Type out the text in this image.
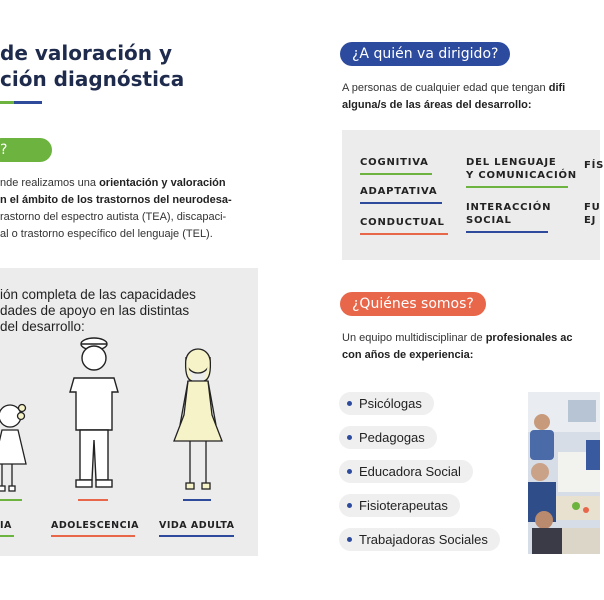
de valoración y
ción diagnóstica
?
nde realizamos una orientación y valoración
n el ámbito de los trastornos del neurodesa-
rastorno del espectro autista (TEA), discapaci-
al o trastorno específico del lenguaje (TEL).
ión completa de las capacidades
dades de apoyo en las distintas
del desarrollo:
IA	ADOLESCENCIA VIDA ADULTA
¿A quién va dirigido?
A personas de cualquier edad que tengan difi
alguna/s de las áreas del desarrollo:
COGNITIVA
ADAPTATIVA
CONDUCTUAL
DEL LENGUAJE
Y COMUNICACIÓN
INTERACCIÓN
SOCIAL
FÍS
FU
EJ
¿Quiénes somos?
Un equipo multidisciplinar de profesionales ac
con años de experiencia:
Psicólogas
Pedagogas
Educadora Social
Fisioterapeutas
Trabajadoras Sociales
